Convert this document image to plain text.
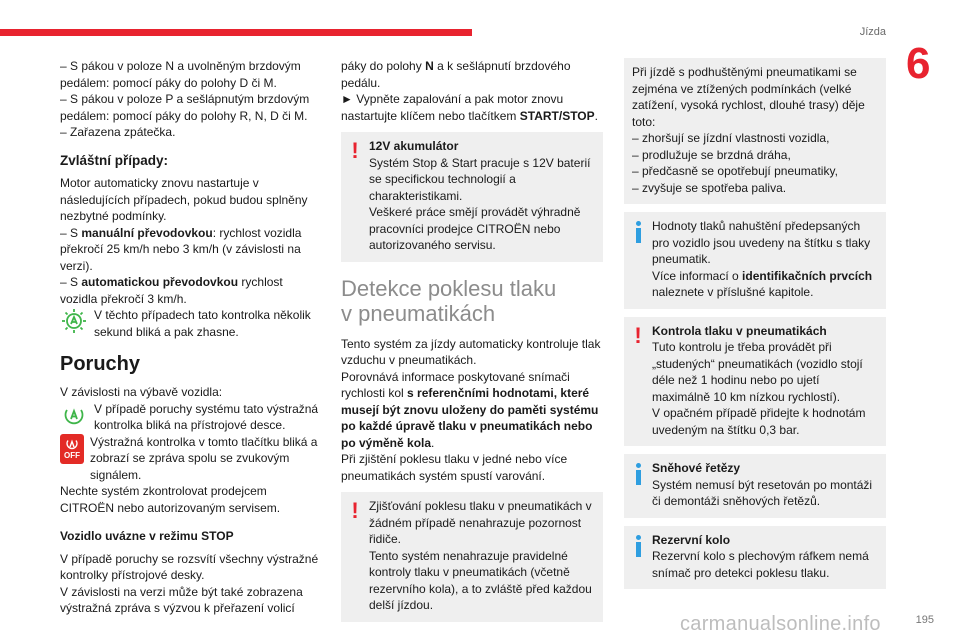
Jízda
6

– S pákou v poloze N a uvolněným brzdovým pedálem: pomocí páky do polohy D či M.

– S pákou v poloze P a sešlápnutým brzdovým pedálem: pomocí páky do polohy R, N, D či M.

– Zařazena zpátečka.

Zvláštní případy:

Motor automaticky znovu nastartuje v následujících případech, pokud budou splněny nezbytné podmínky.

– S manuální převodovkou: rychlost vozidla překročí 25 km/h nebo 3 km/h (v závislosti na verzi).

– S automatickou převodovkou rychlost vozidla překročí 3 km/h.

V těchto případech tato kontrolka několik sekund bliká a pak zhasne.

Poruchy

V závislosti na výbavě vozidla:

V případě poruchy systému tato výstražná kontrolka bliká na přístrojové desce.

OFF

Výstražná kontrolka v tomto tlačítku bliká a zobrazí se zpráva spolu se zvukovým signálem.

Nechte systém zkontrolovat prodejcem CITROËN nebo autorizovaným servisem.

Vozidlo uvázne v režimu STOP

V případě poruchy se rozsvítí všechny výstražné kontrolky přístrojové desky.

V závislosti na verzi může být také zobrazena výstražná zpráva s výzvou k přeřazení volicí

páky do polohy N a k sešlápnutí brzdového pedálu.

► Vypněte zapalování a pak motor znovu nastartujte klíčem nebo tlačítkem START/STOP.

! 12V akumulátor

Systém Stop & Start pracuje s 12V baterií se specifickou technologií a charakteristikami.

Veškeré práce smějí provádět výhradně pracovníci prodejce CITROËN nebo autorizovaného servisu.

Detekce poklesu tlaku
v pneumatikách

Tento systém za jízdy automaticky kontroluje tlak vzduchu v pneumatikách.

Porovnává informace poskytované snímači rychlosti kol s referenčními hodnotami, které musejí být znovu uloženy do paměti systému po každé úpravě tlaku v pneumatikách nebo po výměně kola.

Při zjištění poklesu tlaku v jedné nebo více pneumatikách systém spustí varování.

! Zjišťování poklesu tlaku v pneumatikách v žádném případě nenahrazuje pozornost řidiče.

Tento systém nenahrazuje pravidelné kontroly tlaku v pneumatikách (včetně rezervního kola), a to zvláště před každou delší jízdou.

Při jízdě s podhuštěnými pneumatikami se zejména ve ztížených podmínkách (velké zatížení, vysoká rychlost, dlouhé trasy) děje toto:

– zhoršují se jízdní vlastnosti vozidla,

– prodlužuje se brzdná dráha,

– předčasně se opotřebují pneumatiky,

– zvyšuje se spotřeba paliva.

Hodnoty tlaků nahuštění předepsaných pro vozidlo jsou uvedeny na štítku s tlaky pneumatik.

Více informací o identifikačních prvcích naleznete v příslušné kapitole.

! Kontrola tlaku v pneumatikách

Tuto kontrolu je třeba provádět při „studených“ pneumatikách (vozidlo stojí déle než 1 hodinu nebo po ujetí maximálně 10 km nízkou rychlostí).

V opačném případě přidejte k hodnotám uvedeným na štítku 0,3 bar.

Sněhové řetězy

Systém nemusí být resetován po montáži či demontáži sněhových řetězů.

Rezervní kolo

Rezervní kolo s plechovým ráfkem nemá snímač pro detekci poklesu tlaku.

carmanualsonline.info	195
